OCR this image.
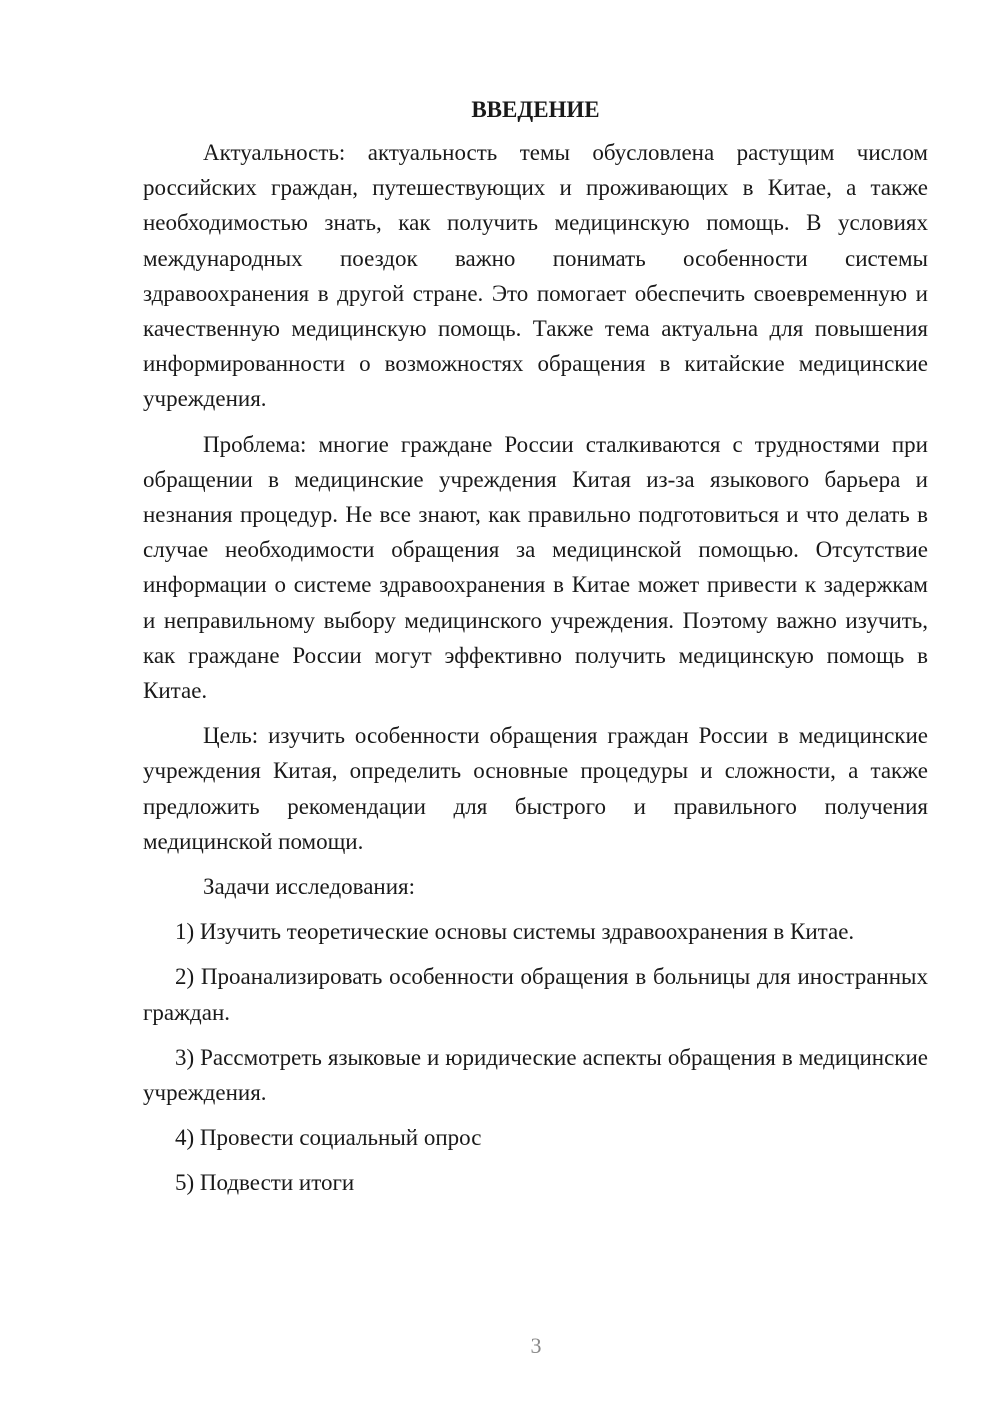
ВВЕДЕНИЕ

Актуальность: актуальность темы обусловлена растущим числом российских граждан, путешествующих и проживающих в Китае, а также необходимостью знать, как получить медицинскую помощь. В условиях международных поездок важно понимать особенности системы здравоохранения в другой стране. Это помогает обеспечить своевременную и качественную медицинскую помощь. Также тема актуальна для повышения информированности о возможностях обращения в китайские медицинские учреждения.

Проблема: многие граждане России сталкиваются с трудностями при обращении в медицинские учреждения Китая из-за языкового барьера и незнания процедур. Не все знают, как правильно подготовиться и что делать в случае необходимости обращения за медицинской помощью. Отсутствие информации о системе здравоохранения в Китае может привести к задержкам и неправильному выбору медицинского учреждения. Поэтому важно изучить, как граждане России могут эффективно получить медицинскую помощь в Китае.

Цель: изучить особенности обращения граждан России в медицинские учреждения Китая, определить основные процедуры и сложности, а также предложить рекомендации для быстрого и правильного получения медицинской помощи.

Задачи исследования:

1) Изучить теоретические основы системы здравоохранения в Китае.

2) Проанализировать особенности обращения в больницы для иностранных граждан.

3) Рассмотреть языковые и юридические аспекты обращения в медицинские учреждения.

4) Провести социальный опрос

5) Подвести итоги

3
